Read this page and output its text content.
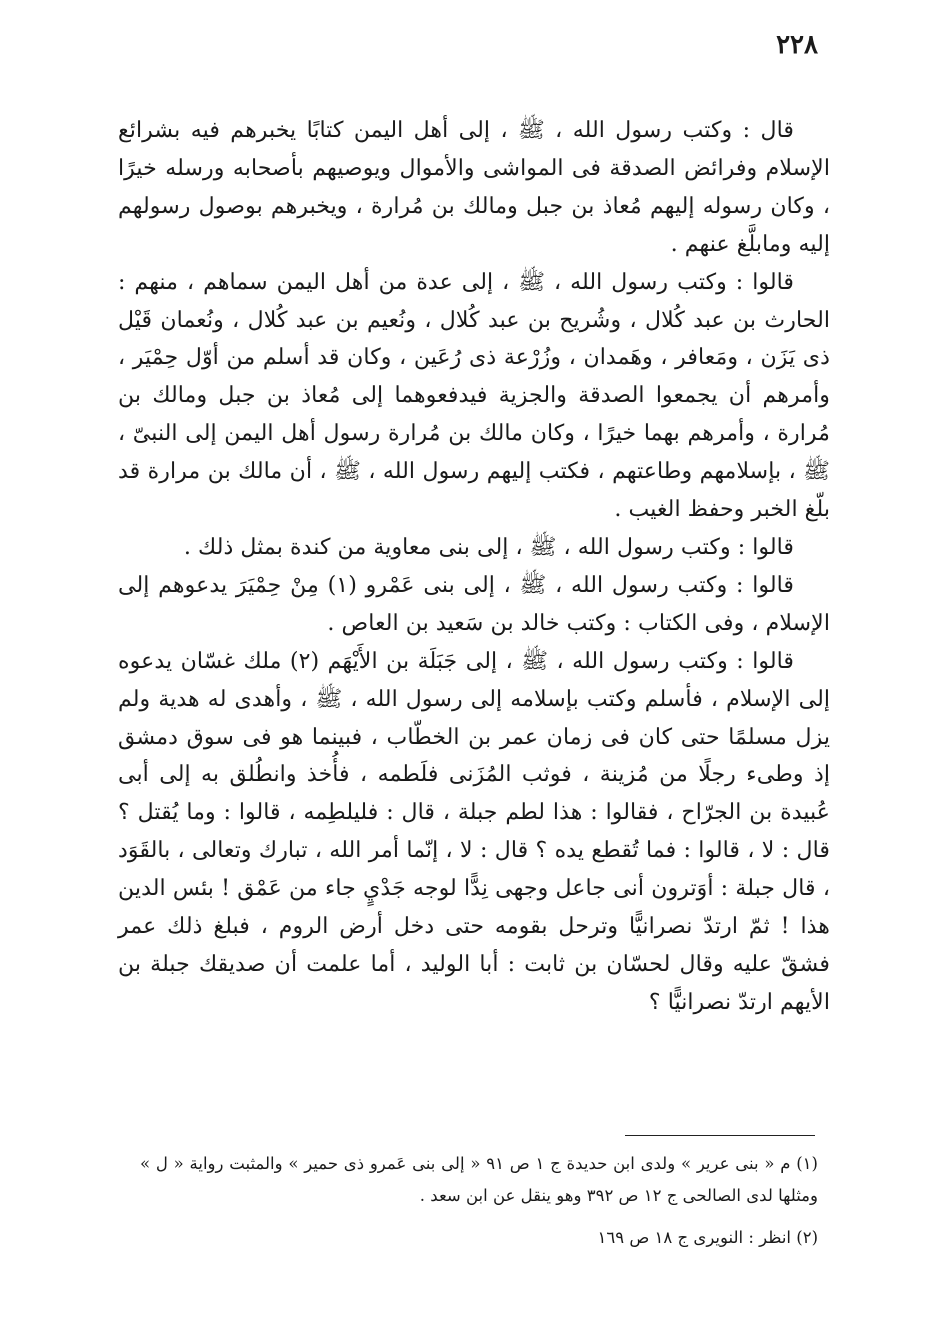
٢٢٨

قال : وكتب رسول الله ، ﷺ ، إلى أهل اليمن كتابًا يخبرهم فيه بشرائع الإسلام وفرائض الصدقة فى المواشى والأموال ويوصيهم بأصحابه ورسله خيرًا ، وكان رسوله إليهم مُعاذ بن جبل ومالك بن مُرارة ، ويخبرهم بوصول رسولهم إليه ومابلَّغ عنهم .

قالوا : وكتب رسول الله ، ﷺ ، إلى عدة من أهل اليمن سماهم ، منهم : الحارث بن عبد كُلال ، وشُريح بن عبد كُلال ، ونُعيم بن عبد كُلال ، ونُعمان قَيْل ذى يَزَن ، ومَعافر ، وهَمدان ، وزُرْعة ذى رُعَين ، وكان قد أسلم من أوّل حِمْيَر ، وأمرهم أن يجمعوا الصدقة والجزية فيدفعوهما إلى مُعاذ بن جبل ومالك بن مُرارة ، وأمرهم بهما خيرًا ، وكان مالك بن مُرارة رسول أهل اليمن إلى النبىّ ، ﷺ ، بإسلامهم وطاعتهم ، فكتب إليهم رسول الله ، ﷺ ، أن مالك بن مرارة قد بلّغ الخبر وحفظ الغيب .

قالوا : وكتب رسول الله ، ﷺ ، إلى بنى معاوية من كندة بمثل ذلك .

قالوا : وكتب رسول الله ، ﷺ ، إلى بنى عَمْرو (١) مِنْ حِمْيَرَ يدعوهم إلى الإسلام ، وفى الكتاب : وكتب خالد بن سَعيد بن العاص .

قالوا : وكتب رسول الله ، ﷺ ، إلى جَبَلَة بن الأَيْهَم (٢) ملك غسّان يدعوه إلى الإسلام ، فأسلم وكتب بإسلامه إلى رسول الله ، ﷺ ، وأهدى له هدية ولم يزل مسلمًا حتى كان فى زمان عمر بن الخطّاب ، فبينما هو فى سوق دمشق إذ وطىء رجلًا من مُزينة ، فوثب المُزَنى فلَطمه ، فأُخذ وانطُلق به إلى أبى عُبيدة بن الجرّاح ، فقالوا : هذا لطم جبلة ، قال : فليلطِمه ، قالوا : وما يُقتل ؟ قال : لا ، قالوا : فما تُقطع يده ؟ قال : لا ، إنّما أمر الله ، تبارك وتعالى ، بالقَوَد ، قال جبلة : أوَترون أنى جاعل وجهى نِدًّا لوجه جَدْيٍ جاء من عَمْق ! بئس الدين هذا ! ثمّ ارتدّ نصرانيًّا وترحل بقومه حتى دخل أرض الروم ، فبلغ ذلك عمر فشقّ عليه وقال لحسّان بن ثابت : أبا الوليد ، أما علمت أن صديقك جبلة بن الأيهم ارتدّ نصرانيًّا ؟

(١) م « بنى عرير » ولدى ابن حديدة ج ١ ص ٩١ « إلى بنى عَمرو ذى حمير » والمثبت رواية « ل » ومثلها لدى الصالحى ج ١٢ ص ٣٩٢ وهو ينقل عن ابن سعد .

(٢) انظر : النويرى ج ١٨ ص ١٦٩
